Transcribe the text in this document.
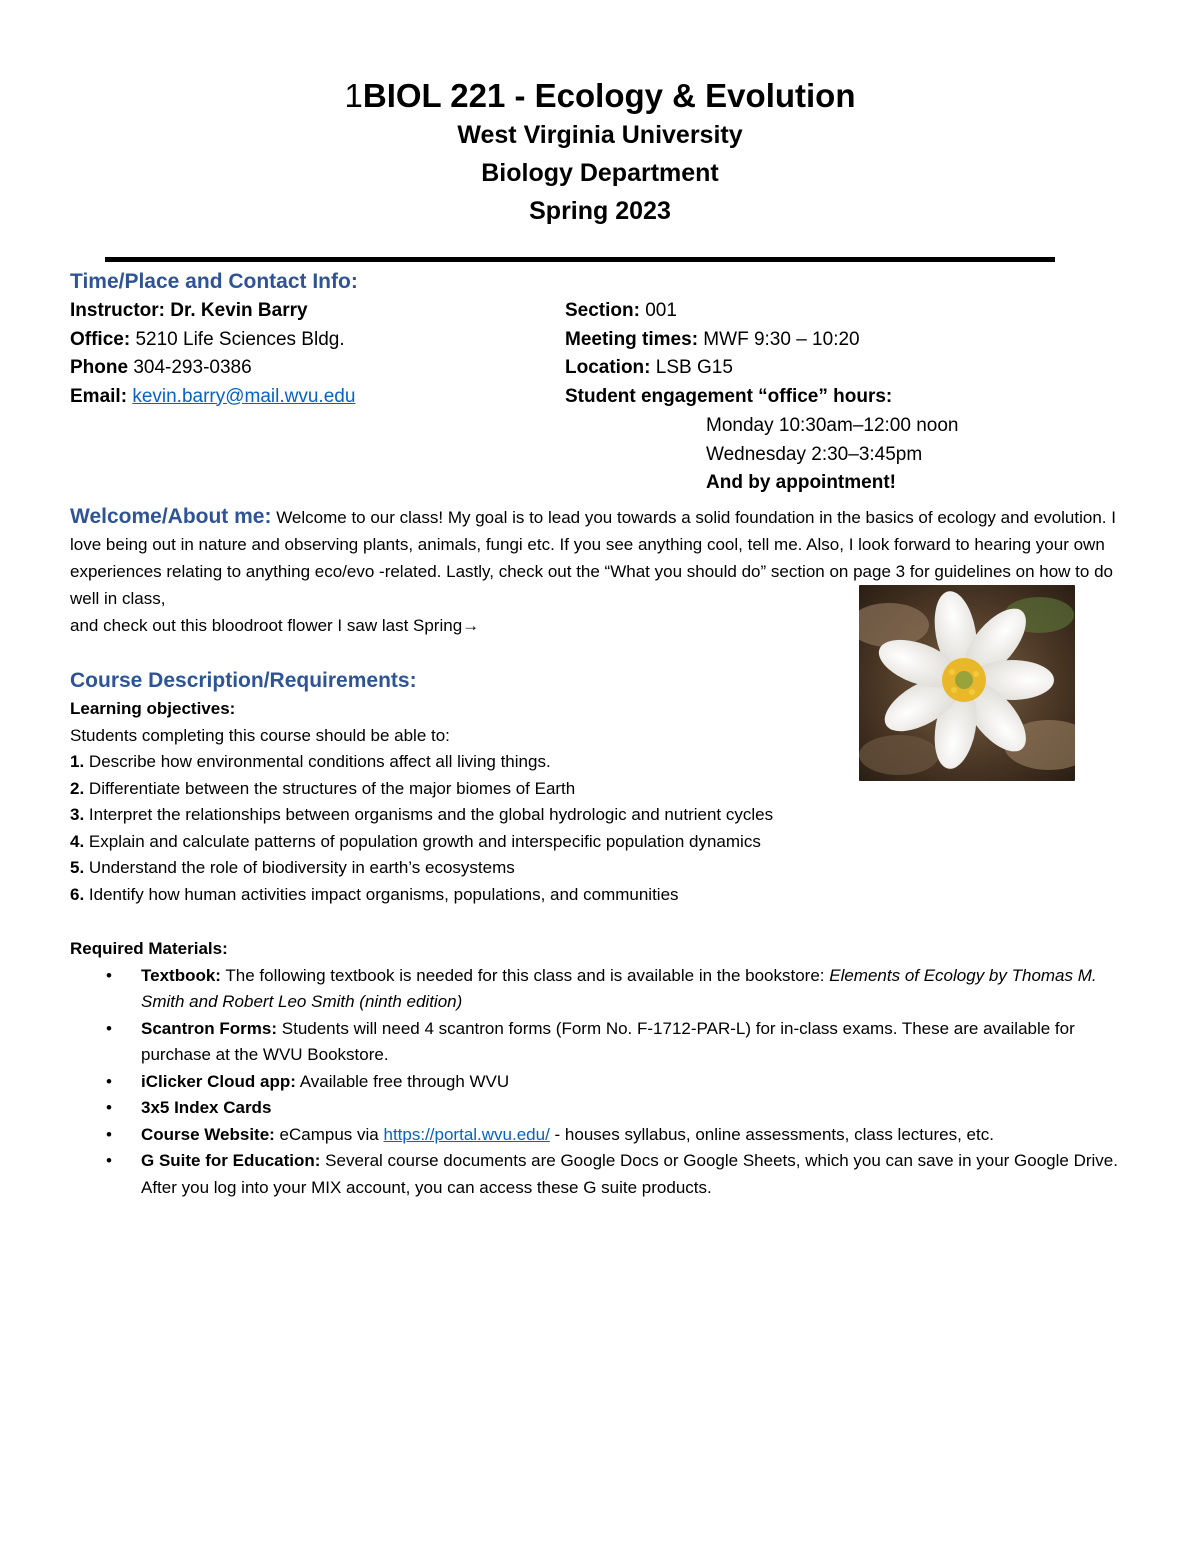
1BIOL 221 - Ecology & Evolution
West Virginia University
Biology Department
Spring 2023
Time/Place and Contact Info:
Instructor: Dr. Kevin Barry
Office: 5210 Life Sciences Bldg.
Phone 304-293-0386
Email: kevin.barry@mail.wvu.edu
Section: 001
Meeting times: MWF 9:30 – 10:20
Location: LSB G15
Student engagement “office” hours:
Monday 10:30am–12:00 noon
Wednesday 2:30–3:45pm
And by appointment!
Welcome/About me: Welcome to our class! My goal is to lead you towards a solid foundation in the basics of ecology and evolution. I love being out in nature and observing plants, animals, fungi etc. If you see anything cool, tell me. Also, I look forward to hearing your own experiences relating to anything eco/evo -related. Lastly, check out the “What you should do” section on page 3 for guidelines on how to do well in class,
and check out this bloodroot flower I saw last Spring→
Course Description/Requirements:
Learning objectives:
Students completing this course should be able to:
1. Describe how environmental conditions affect all living things.
2. Differentiate between the structures of the major biomes of Earth
3. Interpret the relationships between organisms and the global hydrologic and nutrient cycles
4. Explain and calculate patterns of population growth and interspecific population dynamics
5. Understand the role of biodiversity in earth’s ecosystems
6. Identify how human activities impact organisms, populations, and communities
Required Materials:
• Textbook: The following textbook is needed for this class and is available in the bookstore: Elements of Ecology by Thomas M. Smith and Robert Leo Smith (ninth edition)
• Scantron Forms: Students will need 4 scantron forms (Form No. F-1712-PAR-L) for in-class exams. These are available for purchase at the WVU Bookstore.
• iClicker Cloud app: Available free through WVU
• 3x5 Index Cards
• Course Website: eCampus via https://portal.wvu.edu/ - houses syllabus, online assessments, class lectures, etc.
• G Suite for Education: Several course documents are Google Docs or Google Sheets, which you can save in your Google Drive. After you log into your MIX account, you can access these G suite products.
